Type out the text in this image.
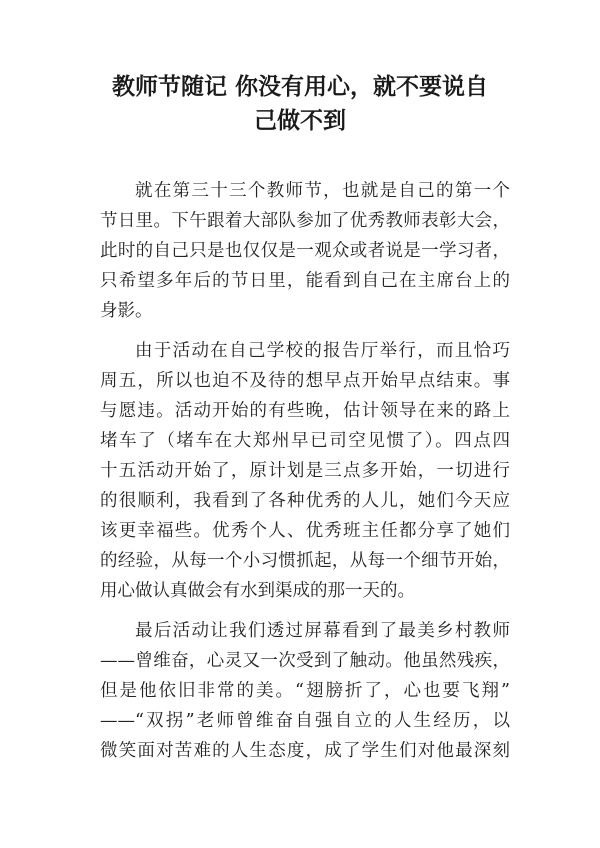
教师节随记 你没有用心，就不要说自
己做不到
就在第三十三个教师节，也就是自己的第一个
节日里。下午跟着大部队参加了优秀教师表彰大会，
此时的自己只是也仅仅是一观众或者说是一学习者，
只希望多年后的节日里，能看到自己在主席台上的
身影。
由于活动在自己学校的报告厅举行，而且恰巧
周五，所以也迫不及待的想早点开始早点结束。事
与愿违。活动开始的有些晚，估计领导在来的路上
堵车了（堵车在大郑州早已司空见惯了）。四点四
十五活动开始了，原计划是三点多开始，一切进行
的很顺利，我看到了各种优秀的人儿，她们今天应
该更幸福些。优秀个人、优秀班主任都分享了她们
的经验，从每一个小习惯抓起，从每一个细节开始，
用心做认真做会有水到渠成的那一天的。
最后活动让我们透过屏幕看到了最美乡村教师
——曾维奋，心灵又一次受到了触动。他虽然残疾，
但是他依旧非常的美。“翅膀折了，心也要飞翔”
——“双拐”老师曾维奋自强自立的人生经历，以
微笑面对苦难的人生态度，成了学生们对他最深刻
